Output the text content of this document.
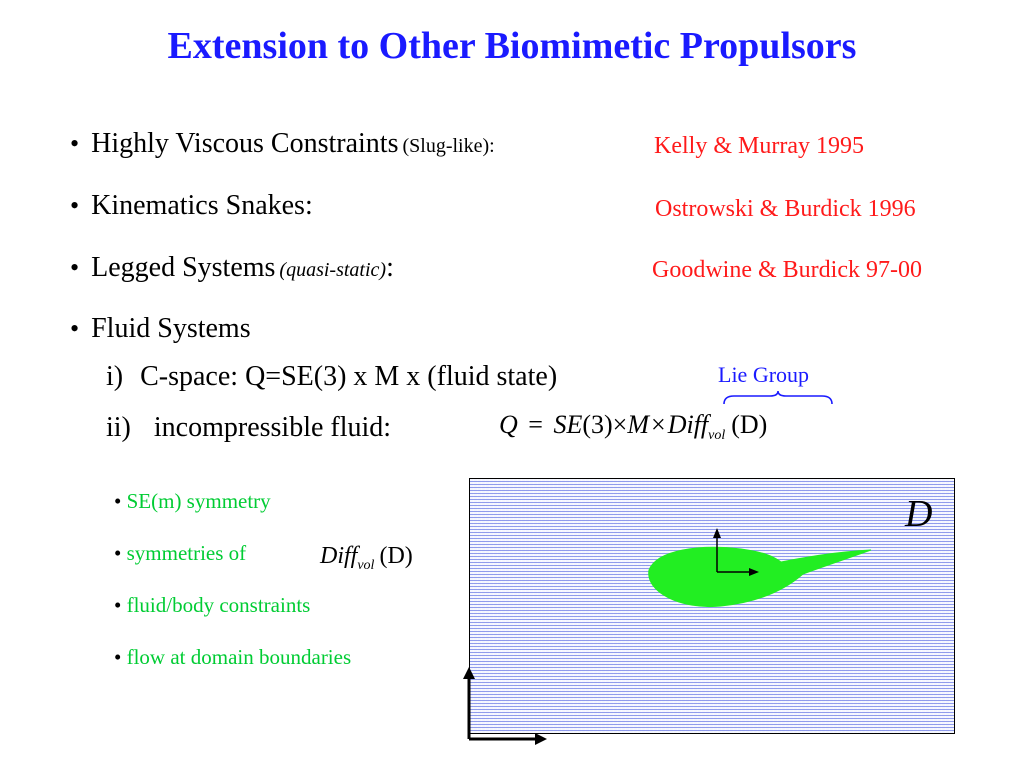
Extension to Other Biomimetic Propulsors
• Highly Viscous Constraints (Slug-like):	Kelly & Murray 1995
• Kinematics Snakes:	Ostrowski & Burdick 1996
• Legged Systems (quasi-static):	Goodwine & Burdick 97-00
• Fluid Systems
i) C-space: Q=SE(3) x M x (fluid state)
ii) incompressible fluid:
Lie Group
Q = SE(3)×M×Diff$_{vol}$ (D)
• SE(m) symmetry
• symmetries of	Diff$_{vol}$ (D)
• fluid/body constraints
• flow at domain boundaries
D
